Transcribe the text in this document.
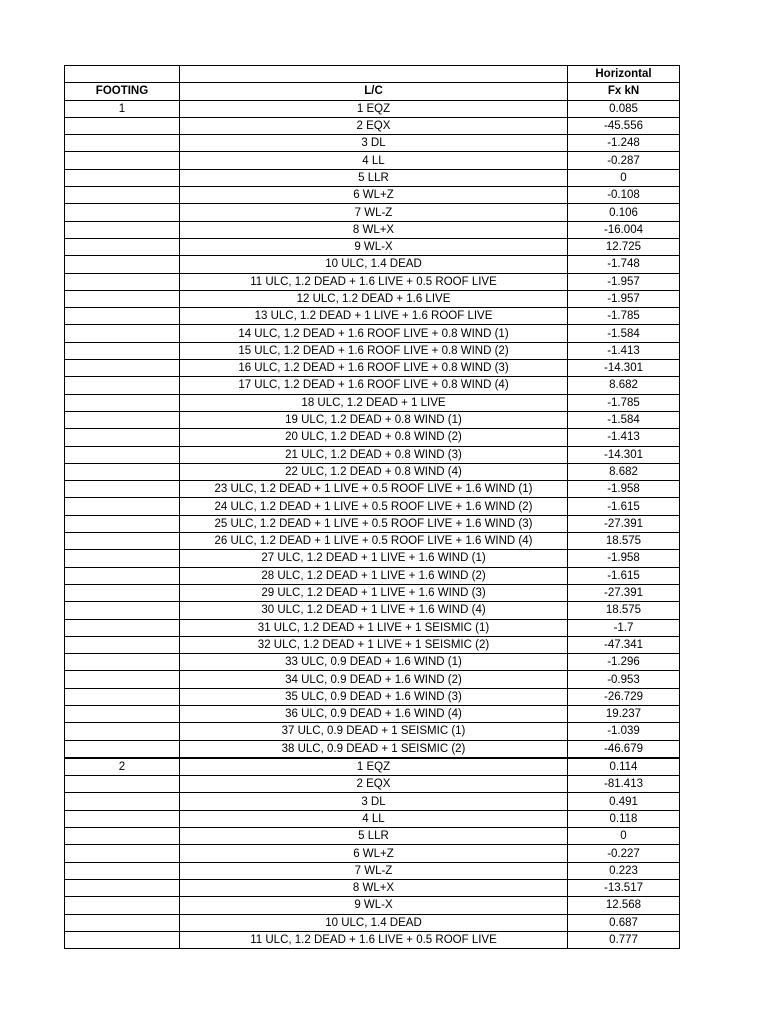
		Horizontal
FOOTING	L/C	Fx kN
1	1 EQZ	0.085
	2 EQX	-45.556
	3 DL	-1.248
	4 LL	-0.287
	5 LLR	0
	6 WL+Z	-0.108
	7 WL-Z	0.106
	8 WL+X	-16.004
	9 WL-X	12.725
	10 ULC, 1.4 DEAD	-1.748
	11 ULC, 1.2 DEAD + 1.6 LIVE + 0.5 ROOF LIVE	-1.957
	12 ULC, 1.2 DEAD + 1.6 LIVE	-1.957
	13 ULC, 1.2 DEAD + 1 LIVE + 1.6 ROOF LIVE	-1.785
	14 ULC, 1.2 DEAD + 1.6 ROOF LIVE + 0.8 WIND (1)	-1.584
	15 ULC, 1.2 DEAD + 1.6 ROOF LIVE + 0.8 WIND (2)	-1.413
	16 ULC, 1.2 DEAD + 1.6 ROOF LIVE + 0.8 WIND (3)	-14.301
	17 ULC, 1.2 DEAD + 1.6 ROOF LIVE + 0.8 WIND (4)	8.682
	18 ULC, 1.2 DEAD + 1 LIVE	-1.785
	19 ULC, 1.2 DEAD + 0.8 WIND (1)	-1.584
	20 ULC, 1.2 DEAD + 0.8 WIND (2)	-1.413
	21 ULC, 1.2 DEAD + 0.8 WIND (3)	-14.301
	22 ULC, 1.2 DEAD + 0.8 WIND (4)	8.682
	23 ULC, 1.2 DEAD + 1 LIVE + 0.5 ROOF LIVE + 1.6 WIND (1)	-1.958
	24 ULC, 1.2 DEAD + 1 LIVE + 0.5 ROOF LIVE + 1.6 WIND (2)	-1.615
	25 ULC, 1.2 DEAD + 1 LIVE + 0.5 ROOF LIVE + 1.6 WIND (3)	-27.391
	26 ULC, 1.2 DEAD + 1 LIVE + 0.5 ROOF LIVE + 1.6 WIND (4)	18.575
	27 ULC, 1.2 DEAD + 1 LIVE + 1.6 WIND (1)	-1.958
	28 ULC, 1.2 DEAD + 1 LIVE + 1.6 WIND (2)	-1.615
	29 ULC, 1.2 DEAD + 1 LIVE + 1.6 WIND (3)	-27.391
	30 ULC, 1.2 DEAD + 1 LIVE + 1.6 WIND (4)	18.575
	31 ULC, 1.2 DEAD + 1 LIVE + 1 SEISMIC (1)	-1.7
	32 ULC, 1.2 DEAD + 1 LIVE + 1 SEISMIC (2)	-47.341
	33 ULC, 0.9 DEAD + 1.6 WIND (1)	-1.296
	34 ULC, 0.9 DEAD + 1.6 WIND (2)	-0.953
	35 ULC, 0.9 DEAD + 1.6 WIND (3)	-26.729
	36 ULC, 0.9 DEAD + 1.6 WIND (4)	19.237
	37 ULC, 0.9 DEAD + 1 SEISMIC (1)	-1.039
	38 ULC, 0.9 DEAD + 1 SEISMIC (2)	-46.679
2	1 EQZ	0.114
	2 EQX	-81.413
	3 DL	0.491
	4 LL	0.118
	5 LLR	0
	6 WL+Z	-0.227
	7 WL-Z	0.223
	8 WL+X	-13.517
	9 WL-X	12.568
	10 ULC, 1.4 DEAD	0.687
	11 ULC, 1.2 DEAD + 1.6 LIVE + 0.5 ROOF LIVE	0.777
